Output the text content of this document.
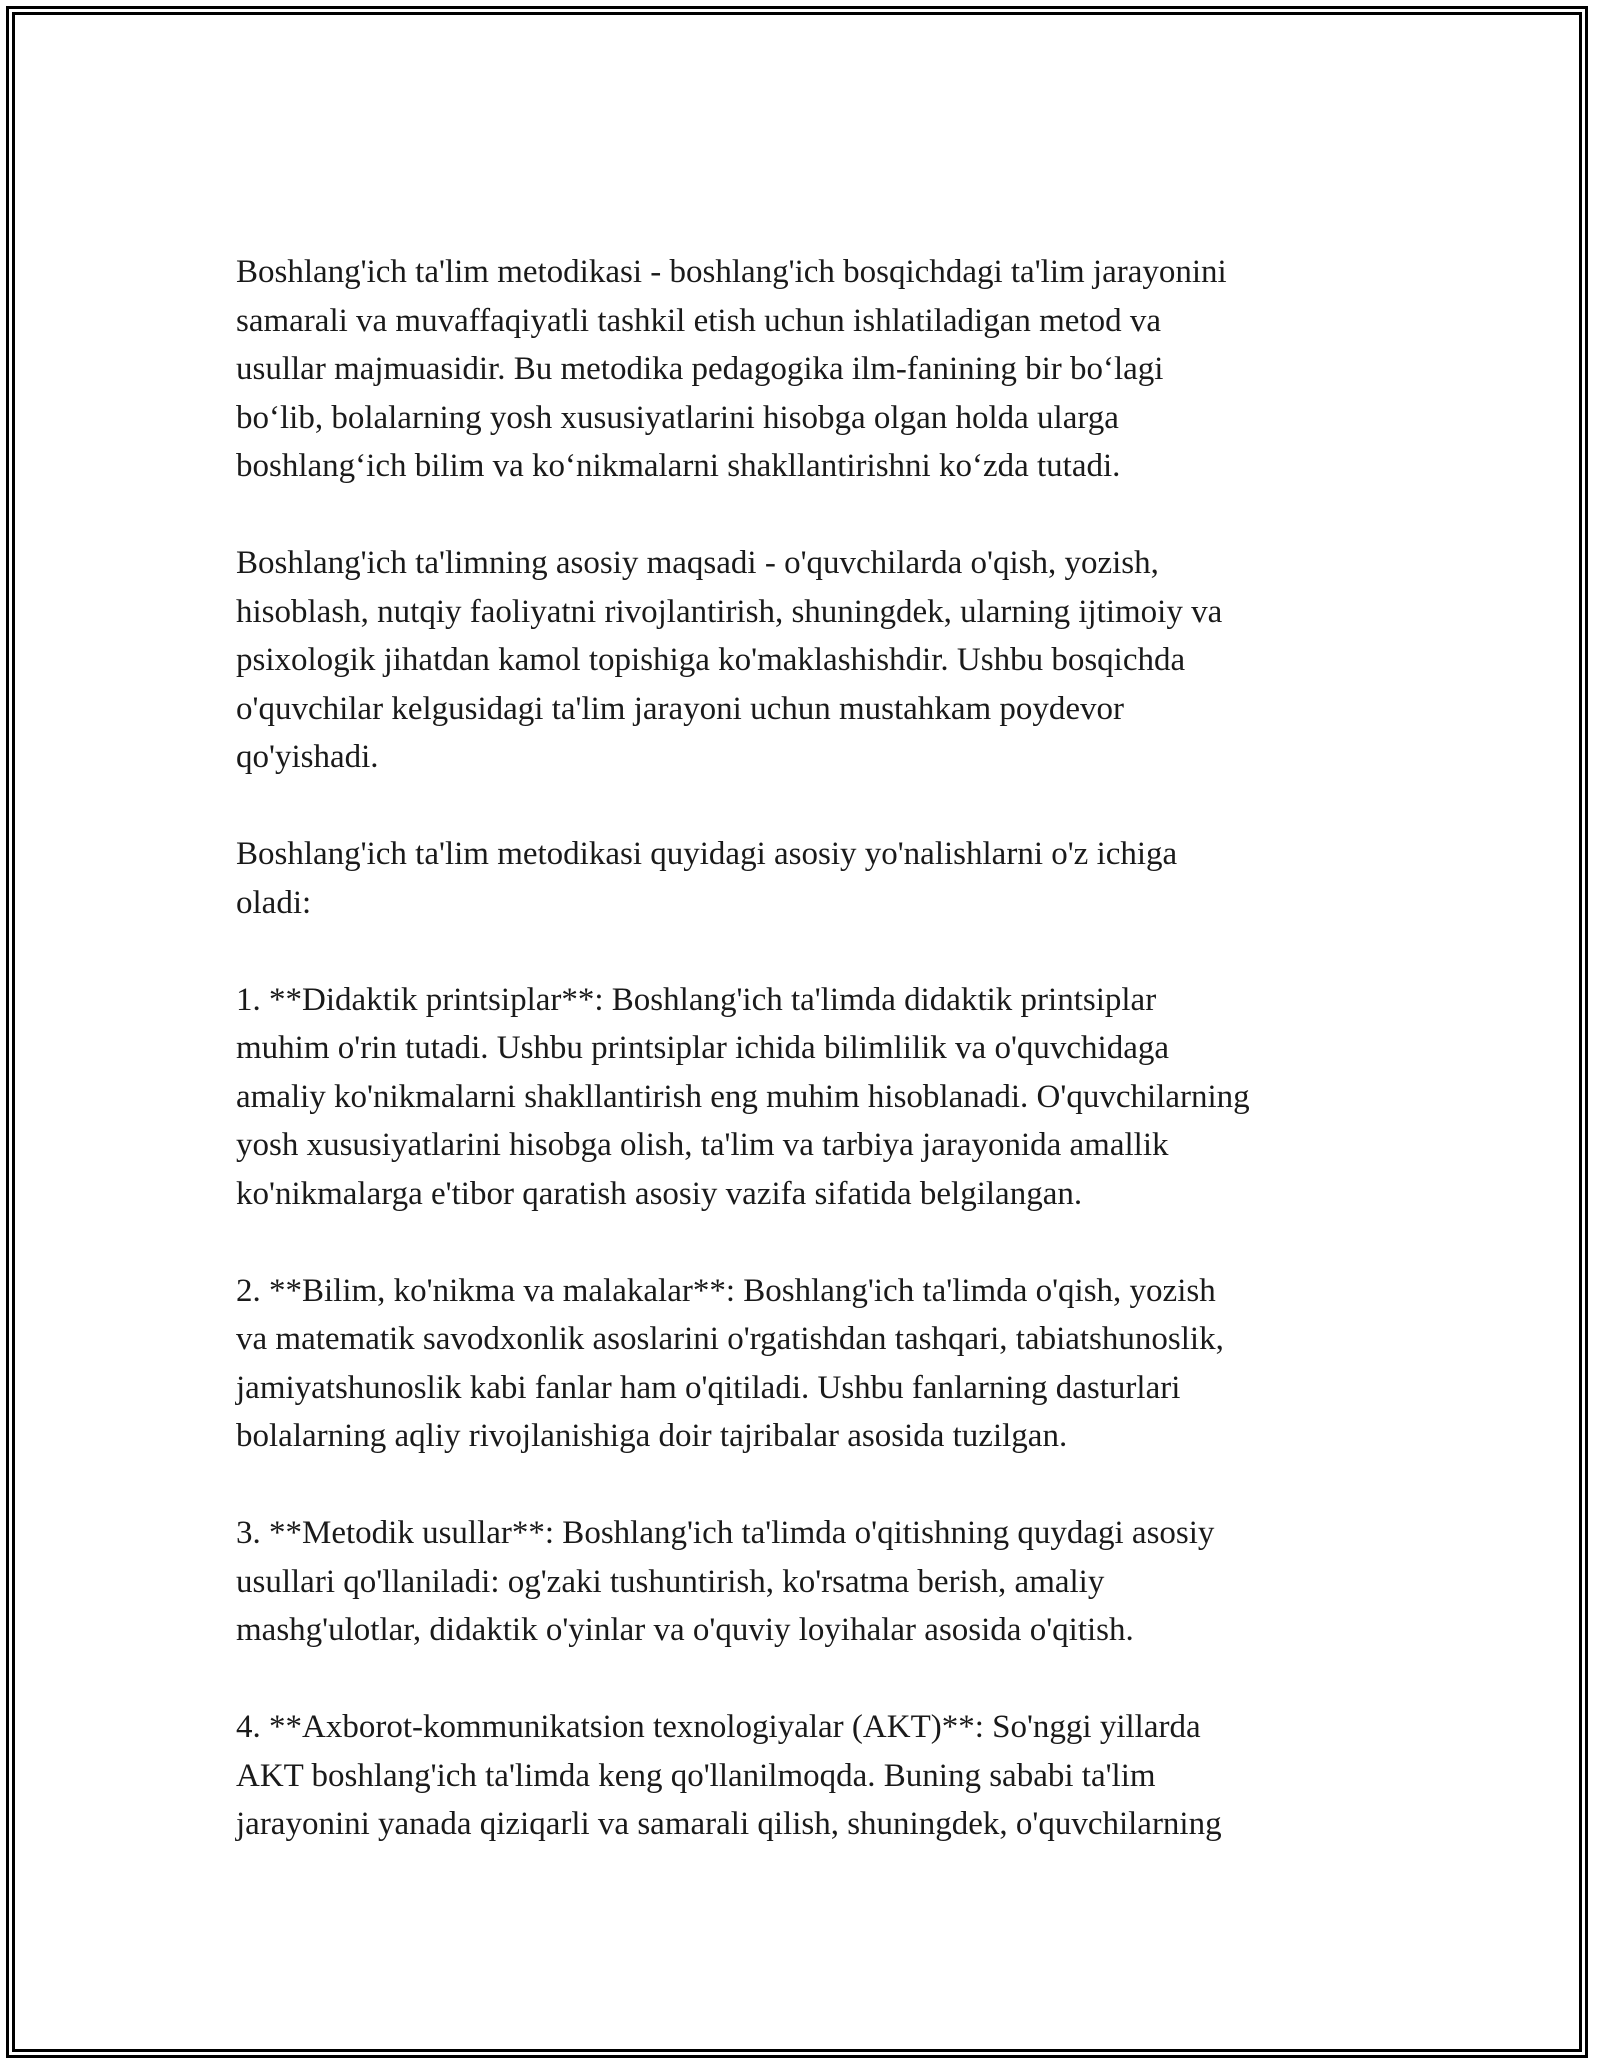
Boshlang'ich ta'lim metodikasi - boshlang'ich bosqichdagi ta'lim jarayonini
samarali va muvaffaqiyatli tashkil etish uchun ishlatiladigan metod va
usullar majmuasidir. Bu metodika pedagogika ilm-fanining bir bo‘lagi
bo‘lib, bolalarning yosh xususiyatlarini hisobga olgan holda ularga
boshlang‘ich bilim va ko‘nikmalarni shakllantirishni ko‘zda tutadi.

Boshlang'ich ta'limning asosiy maqsadi - o'quvchilarda o'qish, yozish,
hisoblash, nutqiy faoliyatni rivojlantirish, shuningdek, ularning ijtimoiy va
psixologik jihatdan kamol topishiga ko'maklashishdir. Ushbu bosqichda
o'quvchilar kelgusidagi ta'lim jarayoni uchun mustahkam poydevor
qo'yishadi.

Boshlang'ich ta'lim metodikasi quyidagi asosiy yo'nalishlarni o'z ichiga
oladi:

1. **Didaktik printsiplar**: Boshlang'ich ta'limda didaktik printsiplar
muhim o'rin tutadi. Ushbu printsiplar ichida bilimlilik va o'quvchidaga
amaliy ko'nikmalarni shakllantirish eng muhim hisoblanadi. O'quvchilarning
yosh xususiyatlarini hisobga olish, ta'lim va tarbiya jarayonida amallik
ko'nikmalarga e'tibor qaratish asosiy vazifa sifatida belgilangan.

2. **Bilim, ko'nikma va malakalar**: Boshlang'ich ta'limda o'qish, yozish
va matematik savodxonlik asoslarini o'rgatishdan tashqari, tabiatshunoslik,
jamiyatshunoslik kabi fanlar ham o'qitiladi. Ushbu fanlarning dasturlari
bolalarning aqliy rivojlanishiga doir tajribalar asosida tuzilgan.

3. **Metodik usullar**: Boshlang'ich ta'limda o'qitishning quydagi asosiy
usullari qo'llaniladi: og'zaki tushuntirish, ko'rsatma berish, amaliy
mashg'ulotlar, didaktik o'yinlar va o'quviy loyihalar asosida o'qitish.

4. **Axborot-kommunikatsion texnologiyalar (AKT)**: So'nggi yillarda
AKT boshlang'ich ta'limda keng qo'llanilmoqda. Buning sababi ta'lim
jarayonini yanada qiziqarli va samarali qilish, shuningdek, o'quvchilarning
